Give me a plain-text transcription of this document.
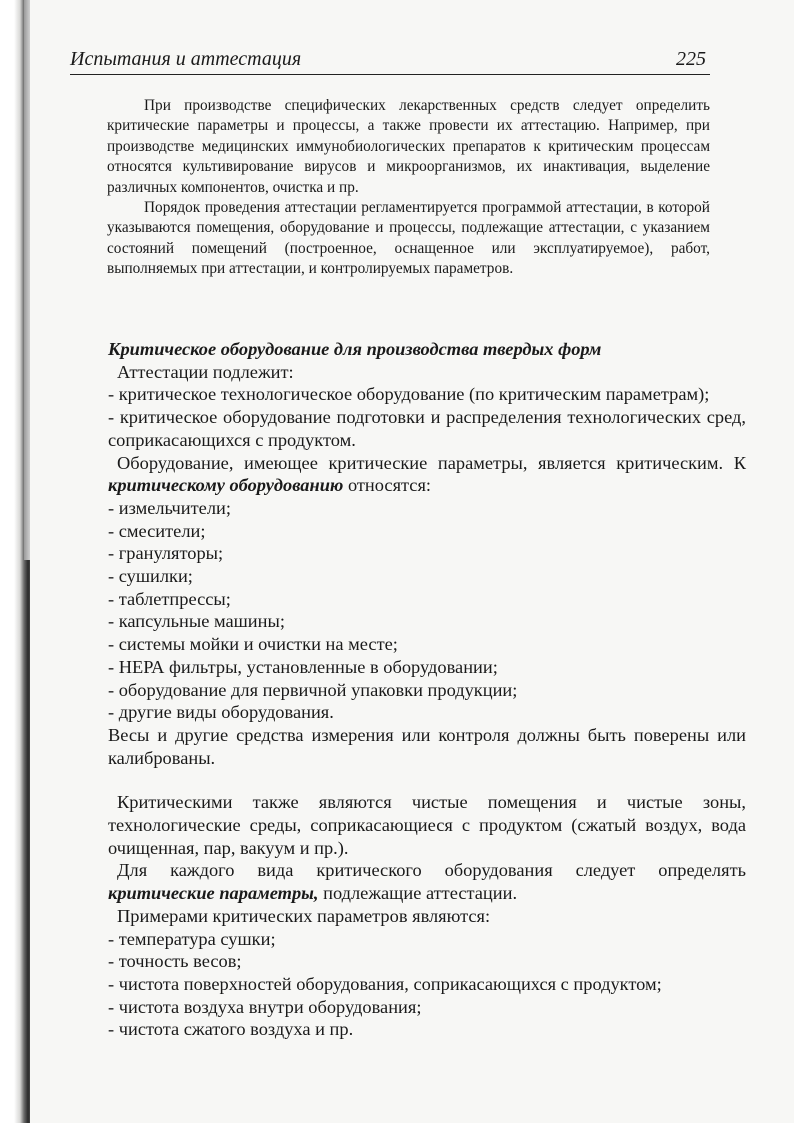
Испытания и аттестация	225

При производстве специфических лекарственных средств следует определить критические параметры и процессы, а также провести их аттестацию. Например, при производстве медицинских иммунобиологических препаратов к критическим процессам относятся культивирование вирусов и микроорганизмов, их инактивация, выделение различных компонентов, очистка и пр.

Порядок проведения аттестации регламентируется программой аттестации, в которой указываются помещения, оборудование и процессы, подлежащие аттестации, с указанием состояний помещений (построенное, оснащенное или эксплуатируемое), работ, выполняемых при аттестации, и контролируемых параметров.

Критическое оборудование для производства твердых форм

Аттестации подлежит:

- критическое технологическое оборудование (по критическим параметрам);

- критическое оборудование подготовки и распределения технологических сред, соприкасающихся с продуктом.

Оборудование, имеющее критические параметры, является критическим. К критическому оборудованию относятся:

- измельчители;

- смесители;

- грануляторы;

- сушилки;

- таблетпрессы;

- капсульные машины;

- системы мойки и очистки на месте;

- НЕРА фильтры, установленные в оборудовании;

- оборудование для первичной упаковки продукции;

- другие виды оборудования.

Весы и другие средства измерения или контроля должны быть поверены или калиброваны.

Критическими также являются чистые помещения и чистые зоны, технологические среды, соприкасающиеся с продуктом (сжатый воздух, вода очищенная, пар, вакуум и пр.).

Для каждого вида критического оборудования следует определять критические параметры, подлежащие аттестации.

Примерами критических параметров являются:

- температура сушки;

- точность весов;

- чистота поверхностей оборудования, соприкасающихся с продуктом;

- чистота воздуха внутри оборудования;

- чистота сжатого воздуха и пр.
